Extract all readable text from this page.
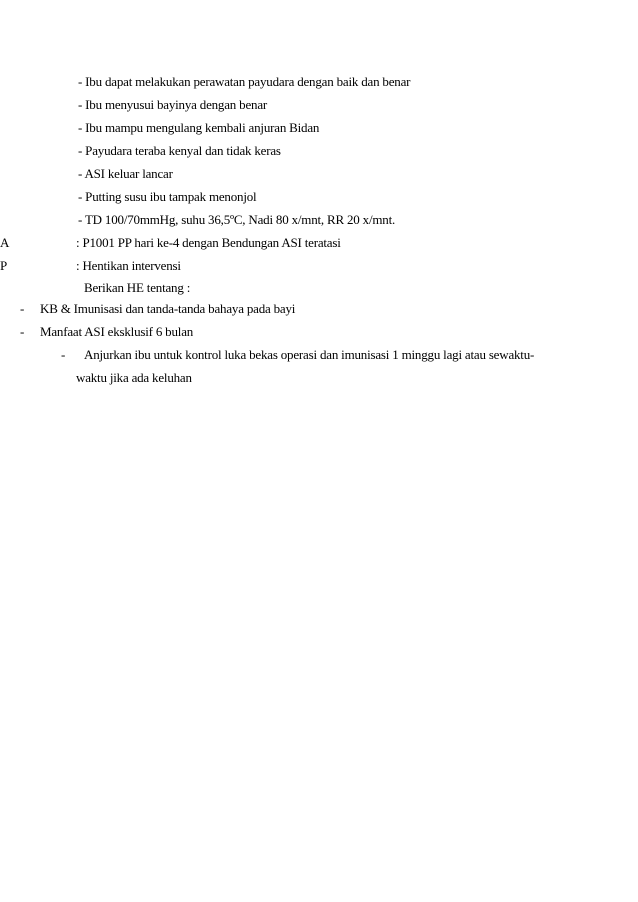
- Ibu dapat melakukan perawatan payudara dengan baik dan benar
- Ibu menyusui bayinya dengan benar
- Ibu mampu mengulang kembali anjuran Bidan
- Payudara teraba kenyal dan tidak keras
- ASI keluar lancar
- Putting susu ibu tampak menonjol
- TD 100/70mmHg, suhu 36,5ºC, Nadi 80 x/mnt, RR 20 x/mnt.
A	: P1001 PP hari ke-4 dengan Bendungan ASI teratasi
P	: Hentikan intervensi
Berikan HE tentang :
- KB & Imunisasi dan tanda-tanda bahaya pada bayi
- Manfaat ASI eksklusif 6 bulan
- Anjurkan ibu untuk kontrol luka bekas operasi dan imunisasi 1 minggu lagi atau sewaktu-
waktu jika ada keluhan
